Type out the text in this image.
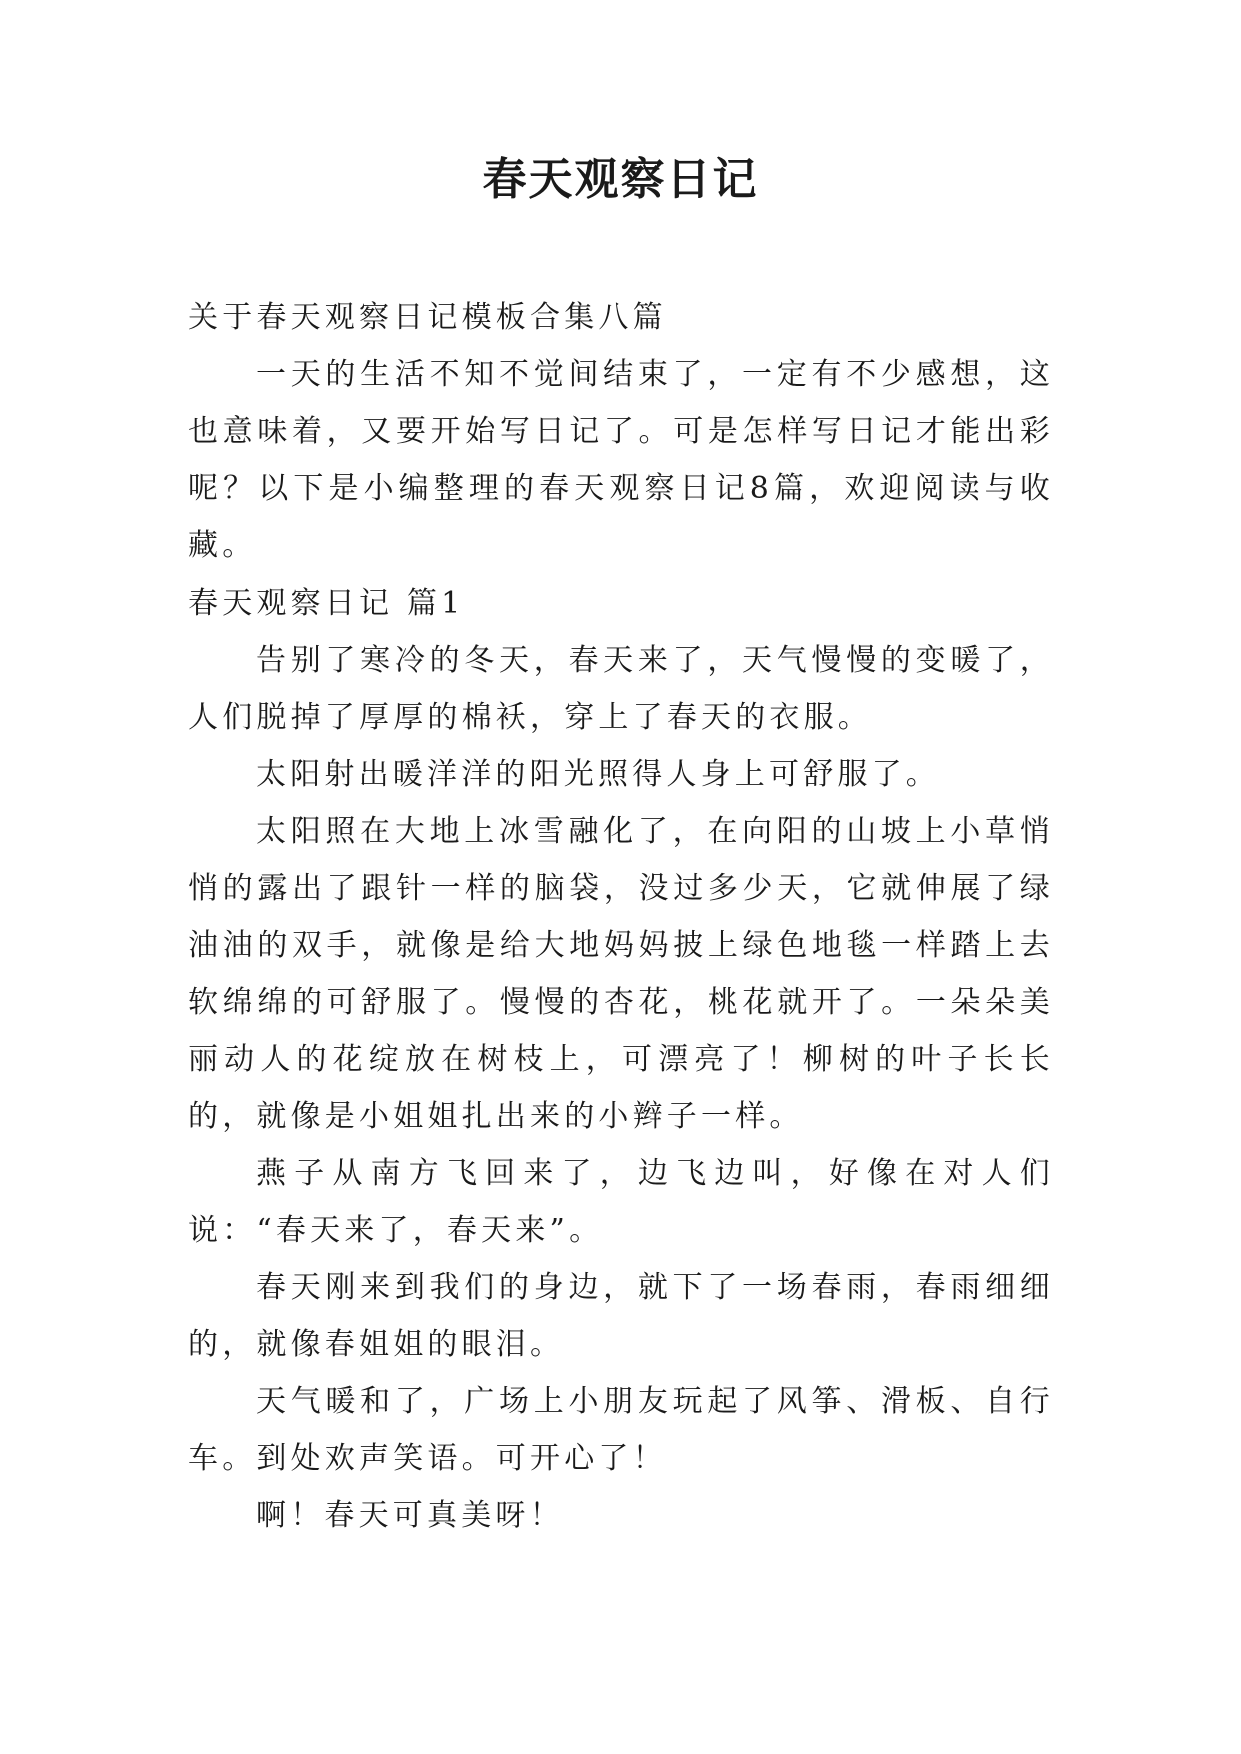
春天观察日记

关于春天观察日记模板合集八篇

一天的生活不知不觉间结束了，一定有不少感想，这也意味着，又要开始写日记了。可是怎样写日记才能出彩呢？以下是小编整理的春天观察日记8篇，欢迎阅读与收藏。

春天观察日记 篇1

告别了寒冷的冬天，春天来了，天气慢慢的变暖了，人们脱掉了厚厚的棉袄，穿上了春天的衣服。

太阳射出暖洋洋的阳光照得人身上可舒服了。

太阳照在大地上冰雪融化了，在向阳的山坡上小草悄悄的露出了跟针一样的脑袋，没过多少天，它就伸展了绿油油的双手，就像是给大地妈妈披上绿色地毯一样踏上去软绵绵的可舒服了。慢慢的杏花，桃花就开了。一朵朵美丽动人的花绽放在树枝上，可漂亮了！柳树的叶子长长的，就像是小姐姐扎出来的小辫子一样。

燕子从南方飞回来了，边飞边叫，好像在对人们说：“春天来了，春天来”。

春天刚来到我们的身边，就下了一场春雨，春雨细细的，就像春姐姐的眼泪。

天气暖和了，广场上小朋友玩起了风筝、滑板、自行车。到处欢声笑语。可开心了！

啊！春天可真美呀！
